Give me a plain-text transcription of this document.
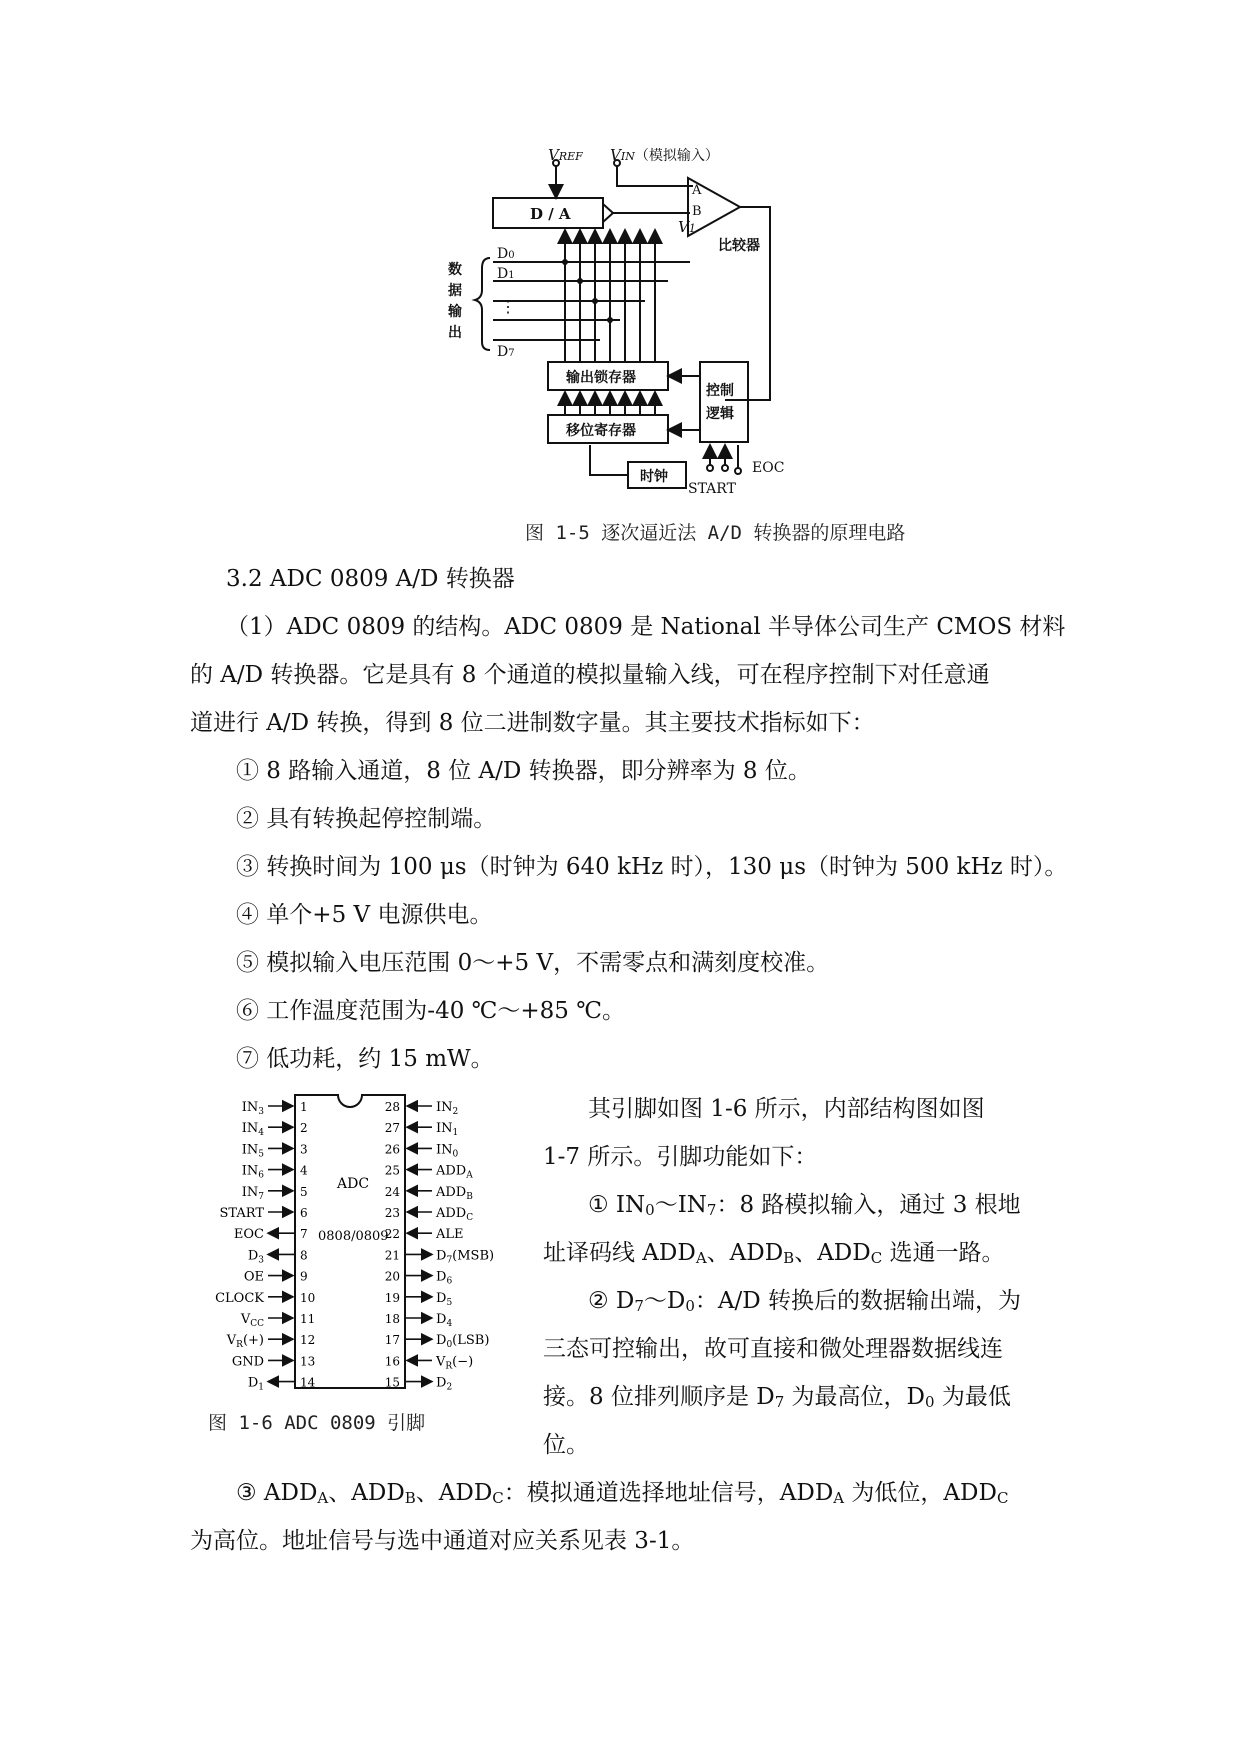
VREF VIN（模拟输入）
D / A
V1
A
B
比较器
D0
D1
⋮
D7
数
据
输
出
输出锁存器
移位寄存器
控制
逻辑
时钟
START
EOC
图 1-5 逐次逼近法 A/D 转换器的原理电路
3.2 ADC 0809 A/D 转换器
（1）ADC 0809 的结构。ADC 0809 是 National 半导体公司生产 CMOS 材料
的 A/D 转换器。它是具有 8 个通道的模拟量输入线，可在程序控制下对任意通
道进行 A/D 转换，得到 8 位二进制数字量。其主要技术指标如下：
① 8 路输入通道，8 位 A/D 转换器，即分辨率为 8 位。
② 具有转换起停控制端。
③ 转换时间为 100 μs（时钟为 640 kHz 时），130 μs（时钟为 500 kHz 时）。
④ 单个+5 V 电源供电。
⑤ 模拟输入电压范围 0～+5 V，不需零点和满刻度校准。
⑥ 工作温度范围为-40 ℃～+85 ℃。
⑦ 低功耗，约 15 mW。
ADC
0808/0809
1
$IN_3$
2
$IN_4$
3
$IN_5$
4
$IN_6$
5
$IN_7$
6
START
7
EOC
8
$D_3$
9
OE
10
CLOCK
11
$V_{CC}$
12
$V_R(+)$
13
GND
14
$D_1$
28	$IN_2$
27	$IN_1$
26	$IN_0$
25	$ADD_A$
24	$ADD_B$
23	$ADD_C$
22	ALE
21	$D_7(MSB)$
20	$D_6$
19	$D_5$
18	$D_4$
17	$D_0(LSB)$
16	$V_R(-)$
15	$D_2$
图 1-6 ADC 0809 引脚
其引脚如图 1-6 所示，内部结构图如图
1-7 所示。引脚功能如下：
① $IN_0\sim IN_7$：8 路模拟输入，通过 3 根地
址译码线 $ADD_A$、$ADD_B$、$ADD_C$ 选通一路。
② $D_7\sim D_0$：A/D 转换后的数据输出端，为
三态可控输出，故可直接和微处理器数据线连
接。8 位排列顺序是 $D_7$ 为最高位，$D_0$ 为最低
位。
③ $ADD_A$、$ADD_B$、$ADD_C$：模拟通道选择地址信号，$ADD_A$ 为低位，$ADD_C$
为高位。地址信号与选中通道对应关系见表 3-1。
